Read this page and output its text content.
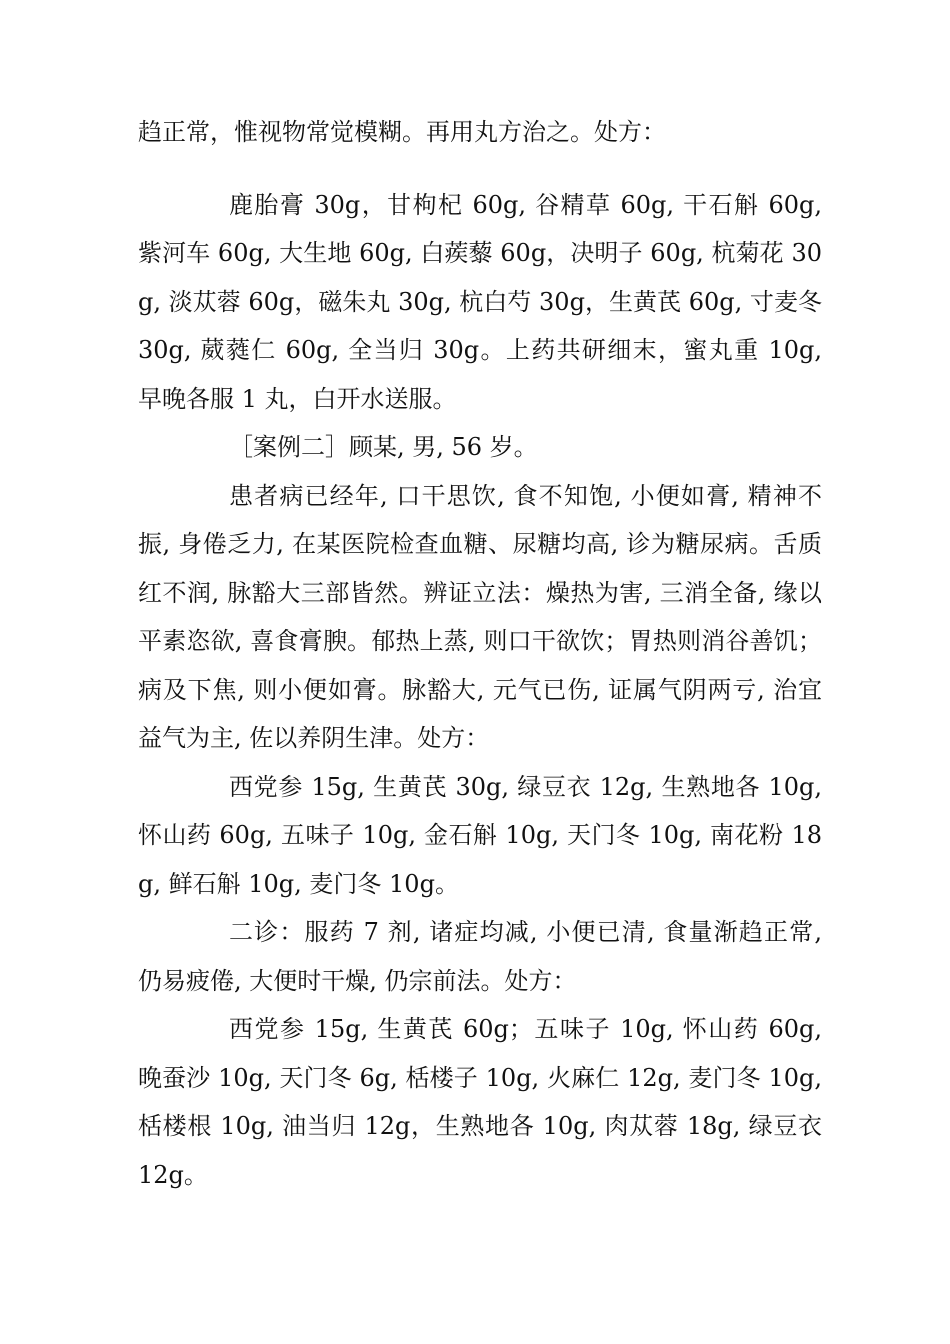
趋正常，惟视物常觉模糊。再用丸方治之。处方：

鹿胎膏 30g，甘枸杞 60g, 谷精草 60g, 干石斛 60g, 紫河车 60g, 大生地 60g, 白蒺藜 60g，决明子 60g, 杭菊花 30g, 淡苁蓉 60g，磁朱丸 30g, 杭白芍 30g，生黄芪 60g, 寸麦冬 30g, 葳蕤仁 60g, 全当归 30g。上药共研细末，蜜丸重 10g, 早晚各服 1 丸，白开水送服。

［案例二］顾某, 男, 56 岁。

患者病已经年, 口干思饮, 食不知饱, 小便如膏, 精神不振, 身倦乏力, 在某医院检查血糖、尿糖均高, 诊为糖尿病。舌质红不润, 脉豁大三部皆然。辨证立法：燥热为害, 三消全备, 缘以平素恣欲, 喜食膏腴。郁热上蒸, 则口干欲饮；胃热则消谷善饥；病及下焦, 则小便如膏。脉豁大, 元气已伤, 证属气阴两亏, 治宜益气为主, 佐以养阴生津。处方：

西党参 15g, 生黄芪 30g, 绿豆衣 12g, 生熟地各 10g, 怀山药 60g, 五味子 10g, 金石斛 10g, 天门冬 10g, 南花粉 18g, 鲜石斛 10g, 麦门冬 10g。

二诊：服药 7 剂, 诸症均减, 小便已清, 食量渐趋正常, 仍易疲倦, 大便时干燥, 仍宗前法。处方：

西党参 15g, 生黄芪 60g；五味子 10g, 怀山药 60g, 晚蚕沙 10g, 天门冬 6g, 栝楼子 10g, 火麻仁 12g, 麦门冬 10g, 栝楼根 10g, 油当归 12g，生熟地各 10g, 肉苁蓉 18g, 绿豆衣 12g。
